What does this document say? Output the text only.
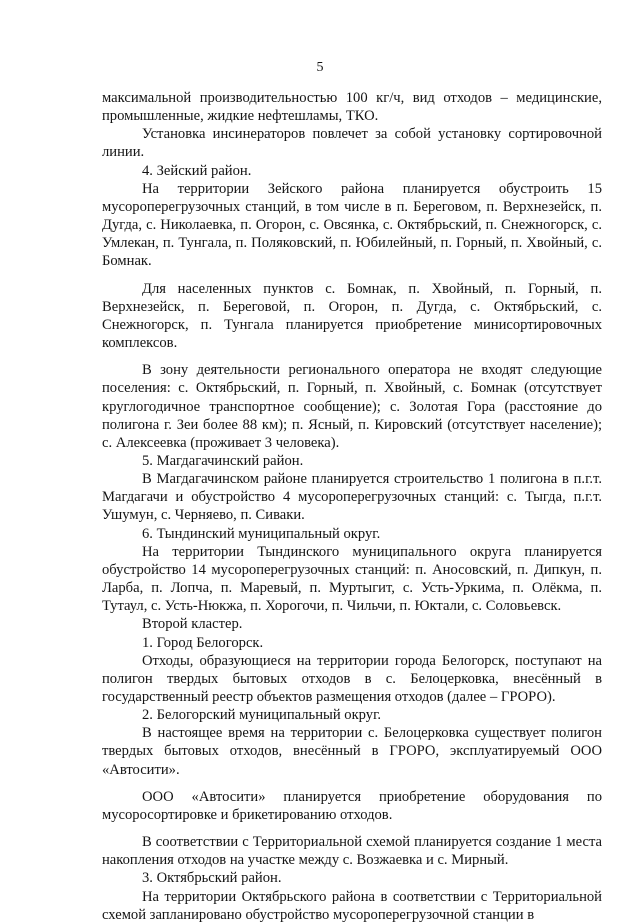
5

максимальной производительностью 100 кг/ч, вид отходов – медицинские, промышленные, жидкие нефтешламы, ТКО.

Установка инсинераторов повлечет за собой установку сортировочной линии.

4. Зейский район.

На территории Зейского района планируется обустроить 15 мусороперегрузочных станций, в том числе в п. Береговом, п. Верхнезейск, п. Дугда, с. Николаевка, п. Огорон, с. Овсянка, с. Октябрьский, п. Снежногорск, с. Умлекан, п. Тунгала, п. Поляковский, п. Юбилейный, п. Горный, п. Хвойный, с. Бомнак.

Для населенных пунктов с. Бомнак, п. Хвойный, п. Горный, п. Верхнезейск, п. Береговой, п. Огорон, п. Дугда, с. Октябрьский, с. Снежногорск, п. Тунгала планируется приобретение минисортировочных комплексов.

В зону деятельности регионального оператора не входят следующие поселения: с. Октябрьский, п. Горный, п. Хвойный, с. Бомнак (отсутствует круглогодичное транспортное сообщение); с. Золотая Гора (расстояние до полигона г. Зеи более 88 км); п. Ясный, п. Кировский (отсутствует население); с. Алексеевка (проживает 3 человека).

5. Магдагачинский район.

В Магдагачинском районе планируется строительство 1 полигона в п.г.т. Магдагачи и обустройство 4 мусороперегрузочных станций: с. Тыгда, п.г.т. Ушумун, с. Черняево, п. Сиваки.

6. Тындинский муниципальный округ.

На территории Тындинского муниципального округа планируется обустройство 14 мусороперегрузочных станций: п. Аносовский, п. Дипкун, п. Ларба, п. Лопча, п. Маревый, п. Муртыгит, с. Усть-Уркима, п. Олёкма, п. Тутаул, с. Усть-Нюкжа, п. Хорогочи, п. Чильчи, п. Юктали, с. Соловьевск.

Второй кластер.

1. Город Белогорск.

Отходы, образующиеся на территории города Белогорск, поступают на полигон твердых бытовых отходов в с. Белоцерковка, внесённый в государственный реестр объектов размещения отходов (далее – ГРОРО).

2. Белогорский муниципальный округ.

В настоящее время на территории с. Белоцерковка существует полигон твердых бытовых отходов, внесённый в ГРОРО, эксплуатируемый ООО «Автосити».

ООО «Автосити» планируется приобретение оборудования по мусоросортировке и брикетированию отходов.

В соответствии с Территориальной схемой планируется создание 1 места накопления отходов на участке между с. Возжаевка и с. Мирный.

3. Октябрьский район.

На территории Октябрьского района в соответствии с Территориальной схемой запланировано обустройство мусороперегрузочной станции в
